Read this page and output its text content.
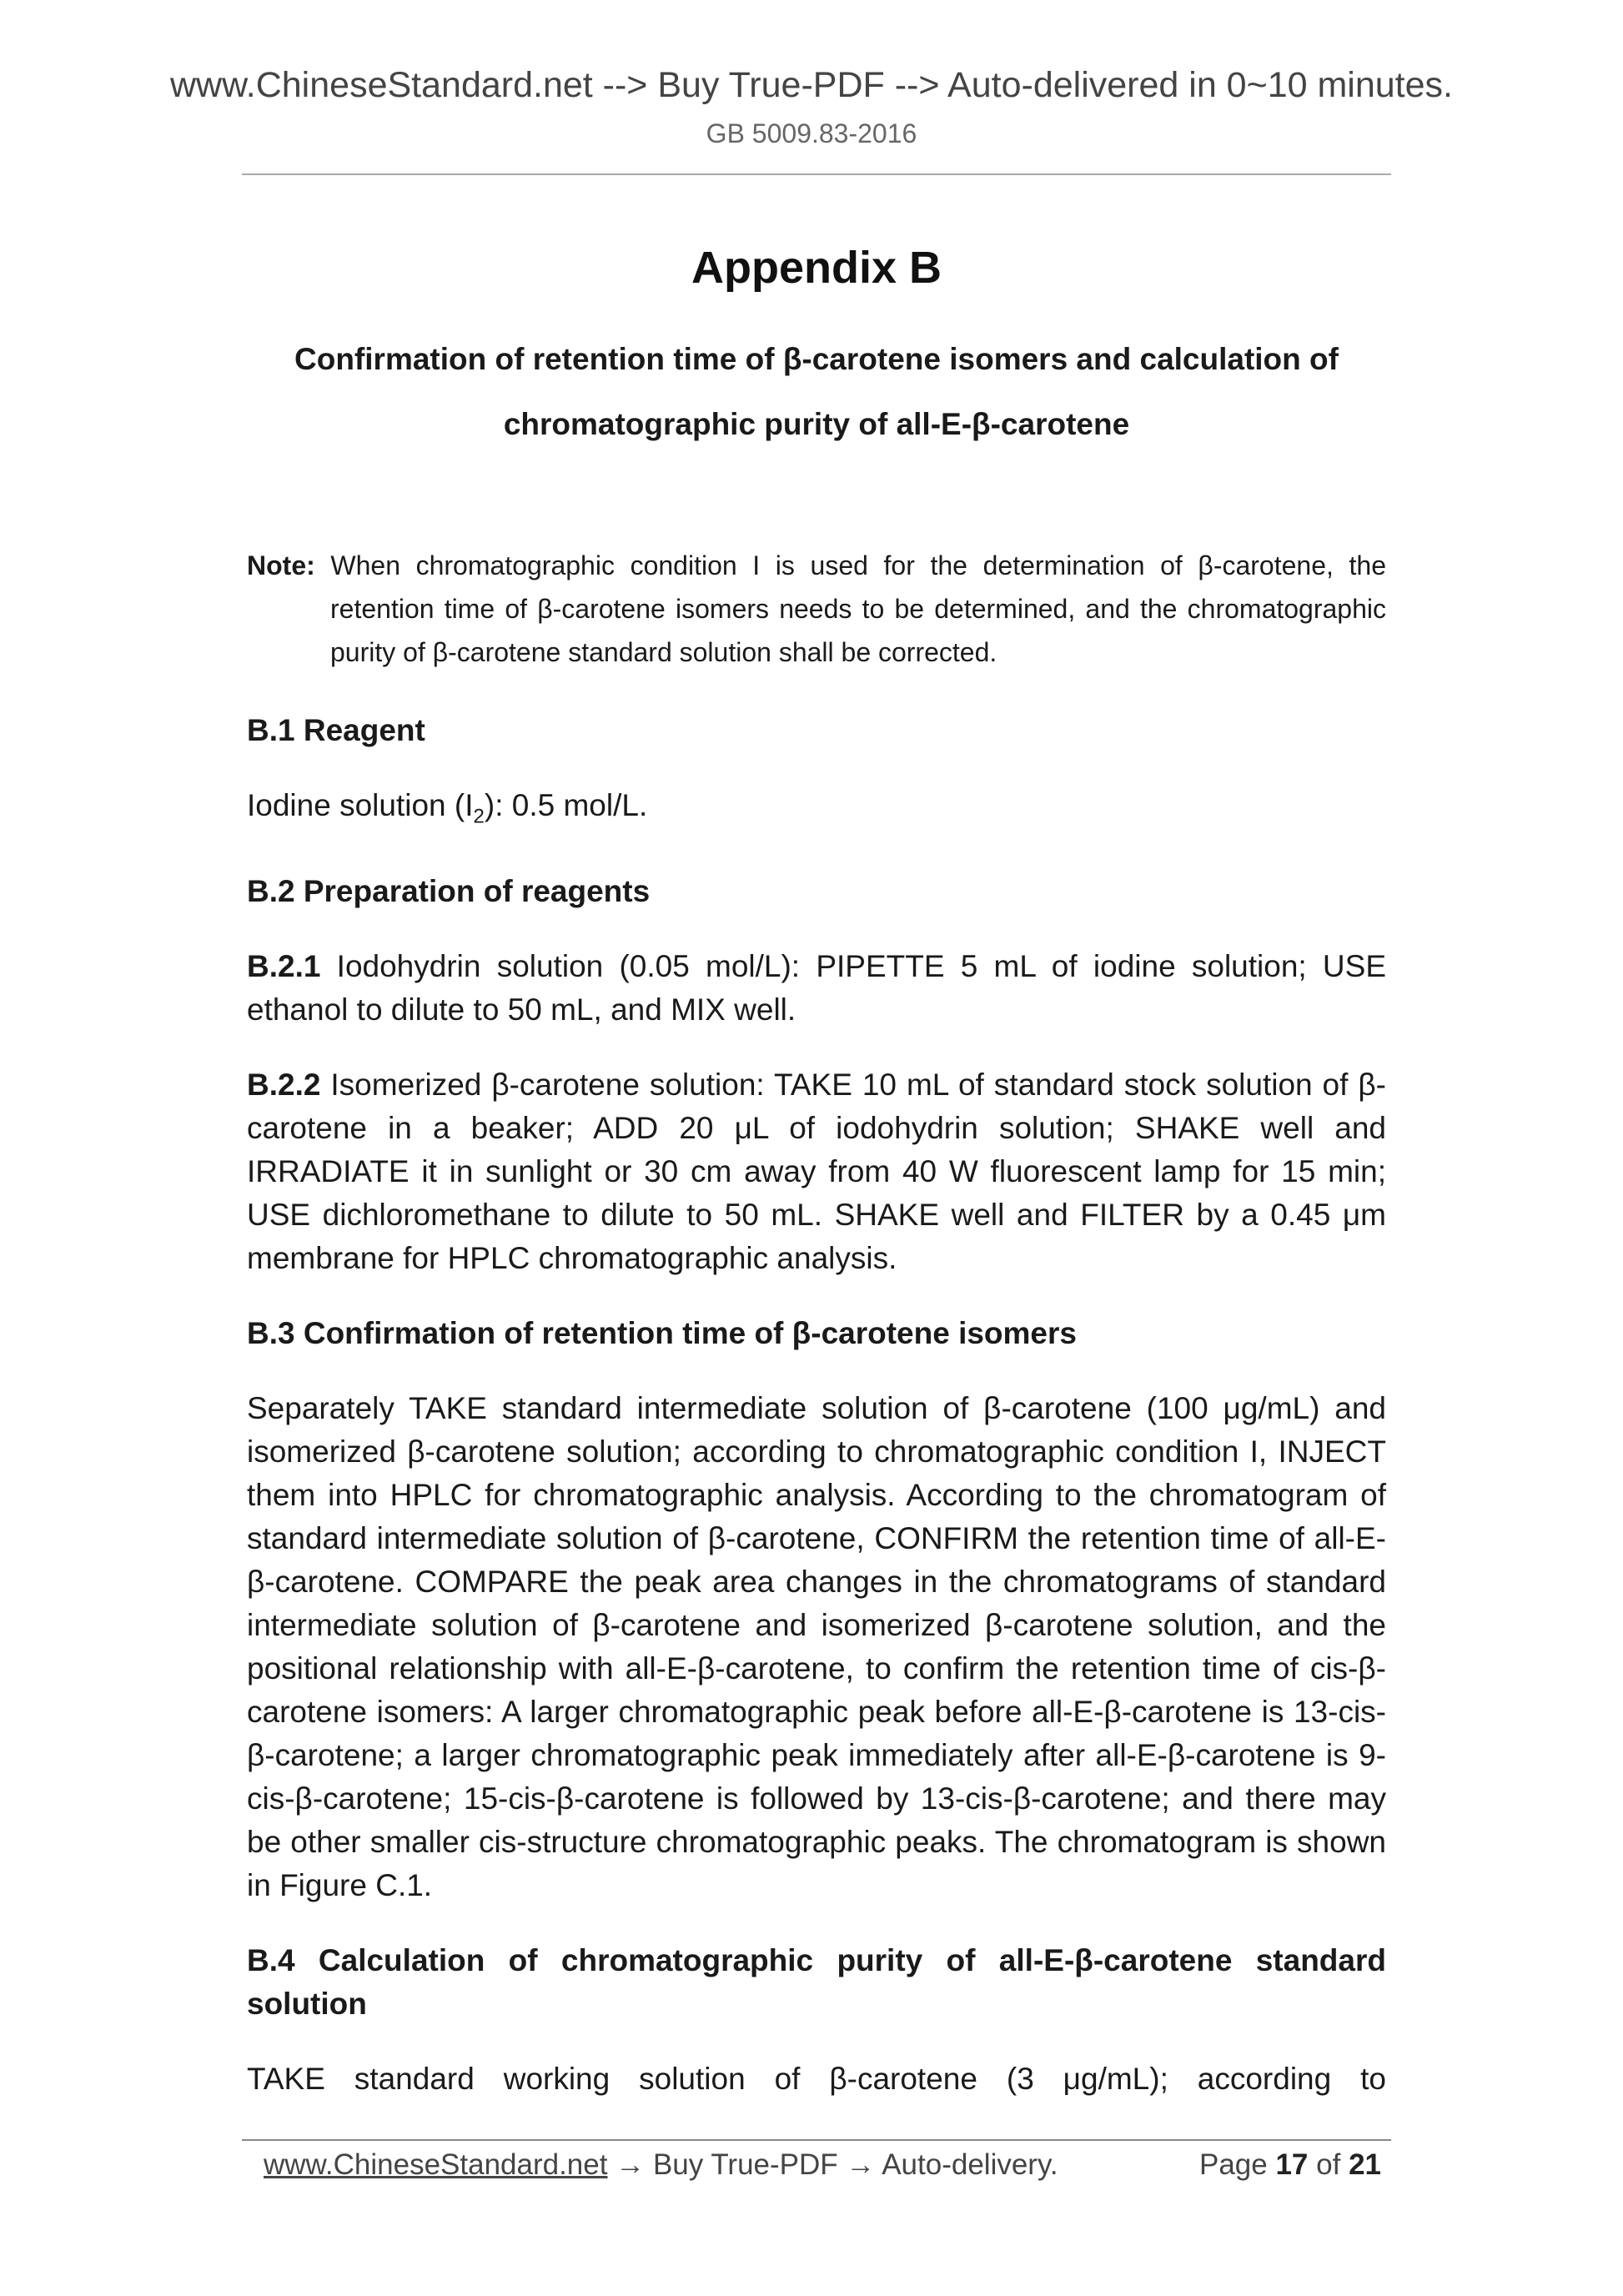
www.ChineseStandard.net --> Buy True-PDF --> Auto-delivered in 0~10 minutes.
GB 5009.83-2016
Appendix B
Confirmation of retention time of β-carotene isomers and calculation of
chromatographic purity of all-E-β-carotene
Note: When chromatographic condition I is used for the determination of β-carotene, the retention time of β-carotene isomers needs to be determined, and the chromatographic purity of β-carotene standard solution shall be corrected.
B.1 Reagent

Iodine solution $(I_2)$: 0.5 mol/L.

B.2 Preparation of reagents

B.2.1 Iodohydrin solution (0.05 mol/L): PIPETTE 5 mL of iodine solution; USE ethanol to dilute to 50 mL, and MIX well.

B.2.2 Isomerized β-carotene solution: TAKE 10 mL of standard stock solution of β-carotene in a beaker; ADD 20 μL of iodohydrin solution; SHAKE well and IRRADIATE it in sunlight or 30 cm away from 40 W fluorescent lamp for 15 min; USE dichloromethane to dilute to 50 mL. SHAKE well and FILTER by a 0.45 μm membrane for HPLC chromatographic analysis.

B.3 Confirmation of retention time of β-carotene isomers

Separately TAKE standard intermediate solution of β-carotene (100 μg/mL) and isomerized β-carotene solution; according to chromatographic condition I, INJECT them into HPLC for chromatographic analysis. According to the chromatogram of standard intermediate solution of β-carotene, CONFIRM the retention time of all-E-β-carotene. COMPARE the peak area changes in the chromatograms of standard intermediate solution of β-carotene and isomerized β-carotene solution, and the positional relationship with all-E-β-carotene, to confirm the retention time of cis-β-carotene isomers: A larger chromatographic peak before all-E-β-carotene is 13-cis-β-carotene; a larger chromatographic peak immediately after all-E-β-carotene is 9-cis-β-carotene; 15-cis-β-carotene is followed by 13-cis-β-carotene; and there may be other smaller cis-structure chromatographic peaks. The chromatogram is shown in Figure C.1.

B.4 Calculation of chromatographic purity of all-E-β-carotene standard solution

TAKE standard working solution of β-carotene (3 μg/mL); according to

www.ChineseStandard.net → Buy True-PDF → Auto-delivery.	Page 17 of 21
